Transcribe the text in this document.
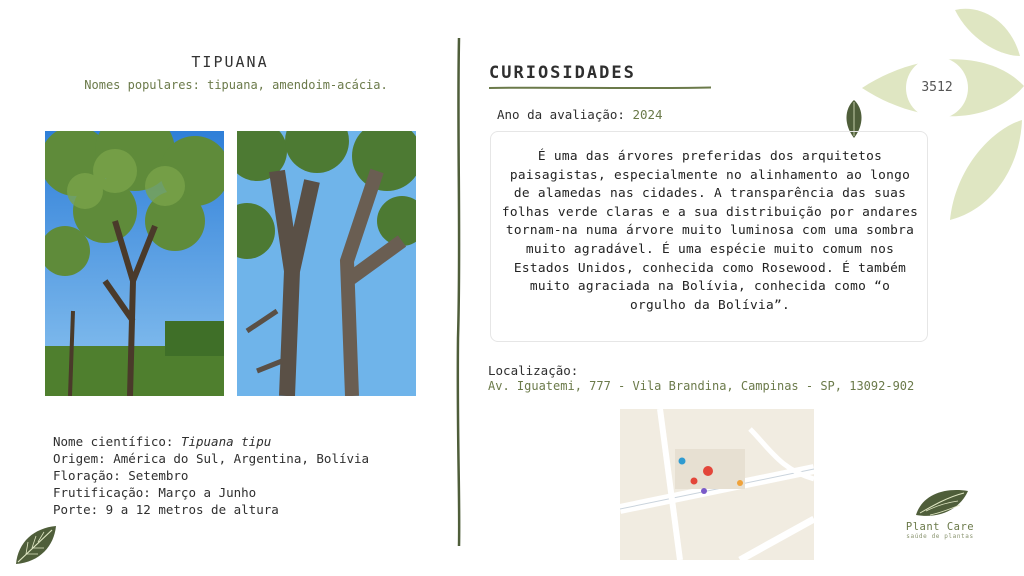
TIPUANA
Nomes populares: tipuana, amendoim-acácia.
Nome científico: Tipuana tipu
Origem: América do Sul, Argentina, Bolívia
Floração: Setembro
Frutificação: Março a Junho
Porte: 9 a 12 metros de altura
CURIOSIDADES
Ano da avaliação: 2024
É uma das árvores preferidas dos arquitetos paisagistas, especialmente no alinhamento ao longo de alamedas nas cidades. A transparência das suas folhas verde claras e a sua distribuição por andares tornam-na numa árvore muito luminosa com uma sombra muito agradável. É uma espécie muito comum nos Estados Unidos, conhecida como Rosewood. É também muito agraciada na Bolívia, conhecida como “o orgulho da Bolívia”.
Localização:
Av. Iguatemi, 777 - Vila Brandina, Campinas - SP, 13092-902
3512
Plant Care
saúde de plantas
